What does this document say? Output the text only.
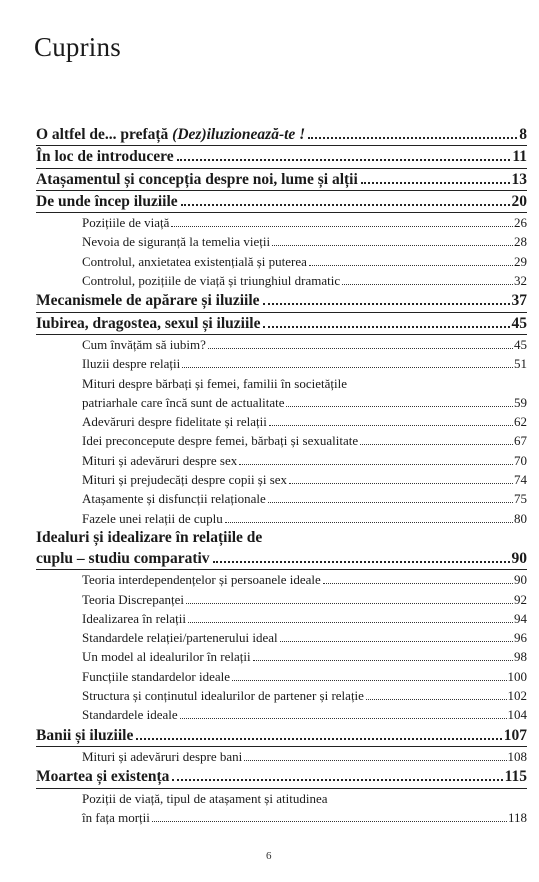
Cuprins
O altfel de... prefață (Dez)iluzionează-te !	8
În loc de introducere	11
Atașamentul și concepția despre noi, lume și alții	13
De unde încep iluziile	20
Pozițiile de viață	26
Nevoia de siguranță la temelia vieții	28
Controlul, anxietatea existențială și puterea	29
Controlul, pozițiile de viață și triunghiul dramatic	32
Mecanismele de apărare și iluziile	37
Iubirea, dragostea, sexul și iluziile	45
Cum învățăm să iubim?	45
Iluzii despre relații	51
Mituri despre bărbați și femei, familii în societățile
patriarhale care încă sunt de actualitate	59
Adevăruri despre fidelitate și relații	62
Idei preconcepute despre femei, bărbați și sexualitate	67
Mituri și adevăruri despre sex	70
Mituri și prejudecăți despre copii și sex	74
Atașamente și disfuncții relaționale	75
Fazele unei relații de cuplu	80
Idealuri și idealizare în relațiile de
cuplu – studiu comparativ	90
Teoria interdependențelor și persoanele ideale	90
Teoria Discrepanței	92
Idealizarea în relații	94
Standardele relației/partenerului ideal	96
Un model al idealurilor în relații	98
Funcțiile standardelor ideale	100
Structura și conținutul idealurilor de partener și relație	102
Standardele ideale	104
Banii și iluziile	107
Mituri și adevăruri despre bani	108
Moartea și existența	115
Poziții de viață, tipul de atașament și atitudinea
în fața morții	118
6
